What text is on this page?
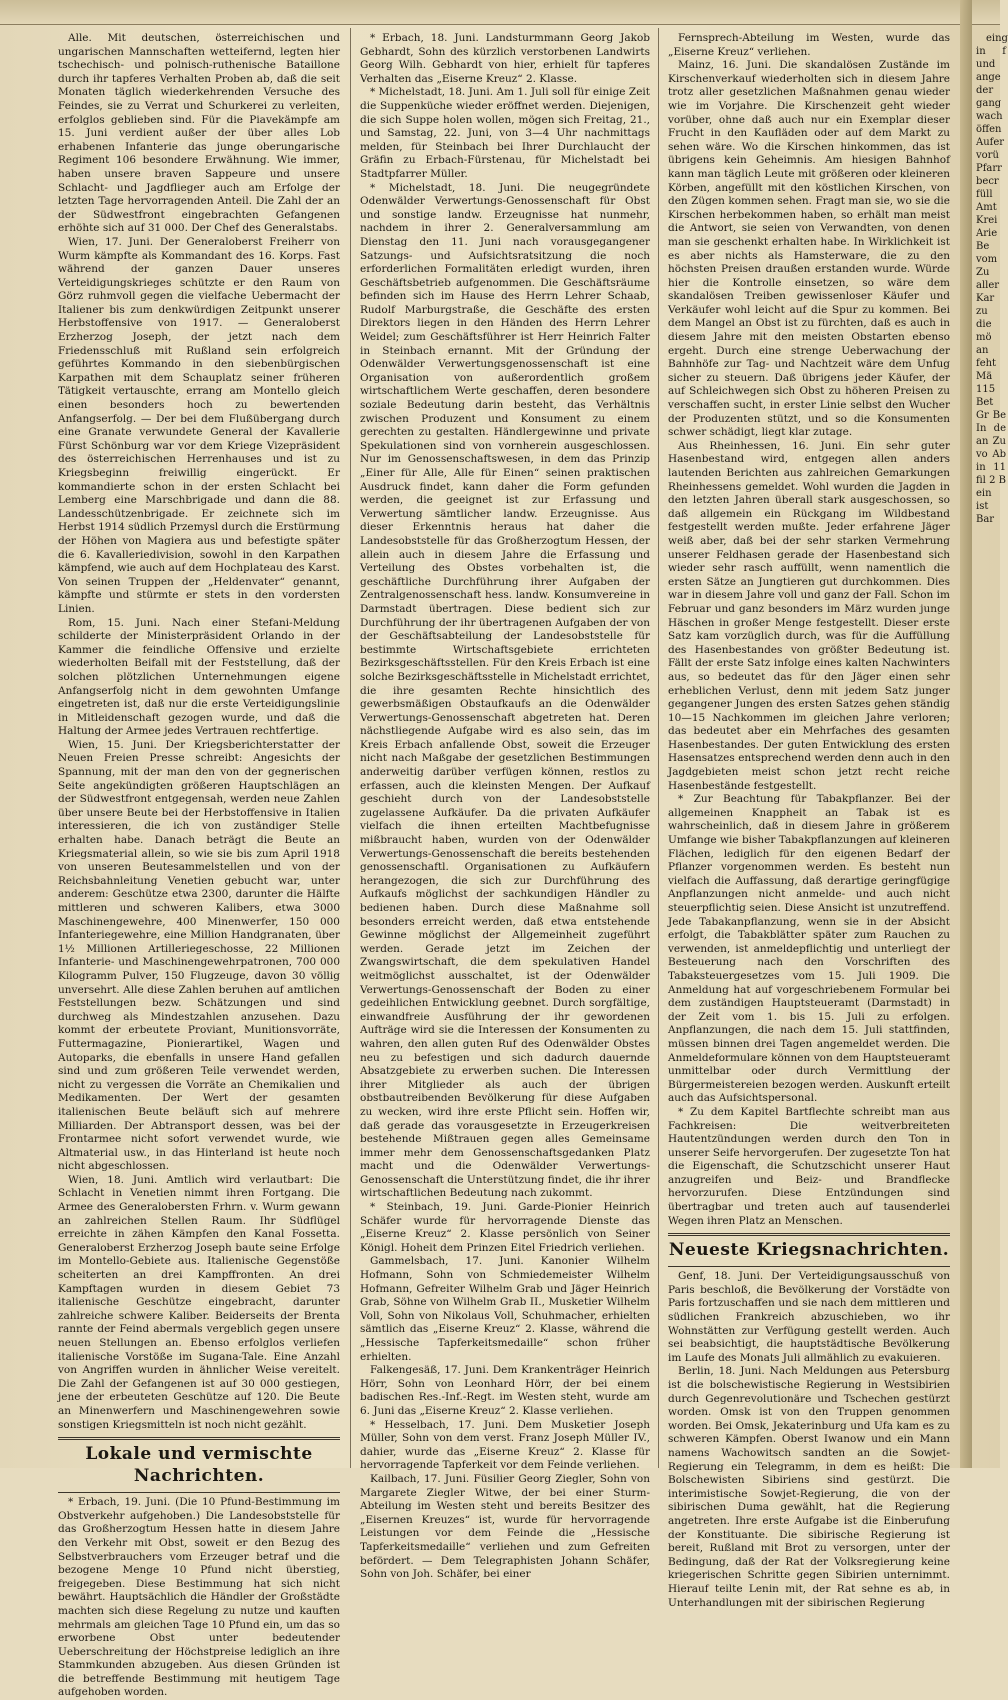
Alle. Mit deutschen, österreichischen und ungarischen Mannschaften wetteifernd, legten hier tschechisch- und polnisch-ruthenische Bataillone durch ihr tapferes Verhalten Proben ab, daß die seit Monaten täglich wiederkehrenden Versuche des Feindes, sie zu Verrat und Schurkerei zu verleiten, erfolglos geblieben sind. Für die Piavekämpfe am 15. Juni verdient außer der über alles Lob erhabenen Infanterie das junge oberungarische Regiment 106 besondere Erwähnung. Wie immer, haben unsere braven Sappeure und unsere Schlacht- und Jagdflieger auch am Erfolge der letzten Tage hervorragenden Anteil. Die Zahl der an der Südwestfront eingebrachten Gefangenen erhöhte sich auf 31 000. Der Chef des Generalstabs.

Wien, 17. Juni. Der Generaloberst Freiherr von Wurm kämpfte als Kommandant des 16. Korps. Fast während der ganzen Dauer unseres Verteidigungskrieges schützte er den Raum von Görz ruhmvoll gegen die vielfache Uebermacht der Italiener bis zum denkwürdigen Zeitpunkt unserer Herbstoffensive von 1917. — Generaloberst Erzherzog Joseph, der jetzt nach dem Friedensschluß mit Rußland sein erfolgreich geführtes Kommando in den siebenbürgischen Karpathen mit dem Schauplatz seiner früheren Tätigkeit vertauschte, errang am Montello gleich einen besonders hoch zu bewertenden Anfangserfolg. — Der bei dem Flußübergang durch eine Granate verwundete General der Kavallerie Fürst Schönburg war vor dem Kriege Vizepräsident des österreichischen Herrenhauses und ist zu Kriegsbeginn freiwillig eingerückt. Er kommandierte schon in der ersten Schlacht bei Lemberg eine Marschbrigade und dann die 88. Landesschützenbrigade. Er zeichnete sich im Herbst 1914 südlich Przemysl durch die Erstürmung der Höhen von Magiera aus und befestigte später die 6. Kavalleriedivision, sowohl in den Karpathen kämpfend, wie auch auf dem Hochplateau des Karst. Von seinen Truppen der „Heldenvater“ genannt, kämpfte und stürmte er stets in den vordersten Linien.

Rom, 15. Juni. Nach einer Stefani-Meldung schilderte der Ministerpräsident Orlando in der Kammer die feindliche Offensive und erzielte wiederholten Beifall mit der Feststellung, daß der solchen plötzlichen Unternehmungen eigene Anfangserfolg nicht in dem gewohnten Umfange eingetreten ist, daß nur die erste Verteidigungslinie in Mitleidenschaft gezogen wurde, und daß die Haltung der Armee jedes Vertrauen rechtfertige.

Wien, 15. Juni. Der Kriegsberichterstatter der Neuen Freien Presse schreibt: Angesichts der Spannung, mit der man den von der gegnerischen Seite angekündigten größeren Hauptschlägen an der Südwestfront entgegensah, werden neue Zahlen über unsere Beute bei der Herbstoffensive in Italien interessieren, die ich von zuständiger Stelle erhalten habe. Danach beträgt die Beute an Kriegsmaterial allein, so wie sie bis zum April 1918 von unseren Beutesammelstellen und von der Reichsbahnleitung Venetien gebucht war, unter anderem: Geschütze etwa 2300, darunter die Hälfte mittleren und schweren Kalibers, etwa 3000 Maschinengewehre, 400 Minenwerfer, 150 000 Infanteriegewehre, eine Million Handgranaten, über 1½ Millionen Artilleriegeschosse, 22 Millionen Infanterie- und Maschinengewehrpatronen, 700 000 Kilogramm Pulver, 150 Flugzeuge, davon 30 völlig unversehrt. Alle diese Zahlen beruhen auf amtlichen Feststellungen bezw. Schätzungen und sind durchweg als Mindestzahlen anzusehen. Dazu kommt der erbeutete Proviant, Munitionsvorräte, Futtermagazine, Pionierartikel, Wagen und Autoparks, die ebenfalls in unsere Hand gefallen sind und zum größeren Teile verwendet werden, nicht zu vergessen die Vorräte an Chemikalien und Medikamenten. Der Wert der gesamten italienischen Beute beläuft sich auf mehrere Milliarden. Der Abtransport dessen, was bei der Frontarmee nicht sofort verwendet wurde, wie Altmaterial usw., in das Hinterland ist heute noch nicht abgeschlossen.

Wien, 18. Juni. Amtlich wird verlautbart: Die Schlacht in Venetien nimmt ihren Fortgang. Die Armee des Generalobersten Frhrn. v. Wurm gewann an zahlreichen Stellen Raum. Ihr Südflügel erreichte in zähen Kämpfen den Kanal Fossetta. Generaloberst Erzherzog Joseph baute seine Erfolge im Montello-Gebiete aus. Italienische Gegenstöße scheiterten an drei Kampffronten. An drei Kampftagen wurden in diesem Gebiet 73 italienische Geschütze eingebracht, darunter zahlreiche schwere Kaliber. Beiderseits der Brenta rannte der Feind abermals vergeblich gegen unsere neuen Stellungen an. Ebenso erfolglos verliefen italienische Vorstöße im Sugana-Tale. Eine Anzahl von Angriffen wurden in ähnlicher Weise vereitelt. Die Zahl der Gefangenen ist auf 30 000 gestiegen, jene der erbeuteten Geschütze auf 120. Die Beute an Minenwerfern und Maschinengewehren sowie sonstigen Kriegsmitteln ist noch nicht gezählt.

Lokale und vermischte Nachrichten.

* Erbach, 19. Juni. (Die 10 Pfund-Bestimmung im Obstverkehr aufgehoben.) Die Landesobststelle für das Großherzogtum Hessen hatte in diesem Jahre den Verkehr mit Obst, soweit er den Bezug des Selbstverbrauchers vom Erzeuger betraf und die bezogene Menge 10 Pfund nicht überstieg, freigegeben. Diese Bestimmung hat sich nicht bewährt. Hauptsächlich die Händler der Großstädte machten sich diese Regelung zu nutze und kauften mehrmals am gleichen Tage 10 Pfund ein, um das so erworbene Obst unter bedeutender Ueberschreitung der Höchstpreise lediglich an ihre Stammkunden abzugeben. Aus diesen Gründen ist die betreffende Bestimmung mit heutigem Tage aufgehoben worden.

* Erbach, 18. Juni. Landsturmmann Georg Jakob Gebhardt, Sohn des kürzlich verstorbenen Landwirts Georg Wilh. Gebhardt von hier, erhielt für tapferes Verhalten das „Eiserne Kreuz“ 2. Klasse.

* Michelstadt, 18. Juni. Am 1. Juli soll für einige Zeit die Suppenküche wieder eröffnet werden. Diejenigen, die sich Suppe holen wollen, mögen sich Freitag, 21., und Samstag, 22. Juni, von 3—4 Uhr nachmittags melden, für Steinbach bei Ihrer Durchlaucht der Gräfin zu Erbach-Fürstenau, für Michelstadt bei Stadtpfarrer Müller.

* Michelstadt, 18. Juni. Die neugegründete Odenwälder Verwertungs-Genossenschaft für Obst und sonstige landw. Erzeugnisse hat nunmehr, nachdem in ihrer 2. Generalversammlung am Dienstag den 11. Juni nach vorausgegangener Satzungs- und Aufsichtsratsitzung die noch erforderlichen Formalitäten erledigt wurden, ihren Geschäftsbetrieb aufgenommen. Die Geschäftsräume befinden sich im Hause des Herrn Lehrer Schaab, Rudolf Marburgstraße, die Geschäfte des ersten Direktors liegen in den Händen des Herrn Lehrer Weidel; zum Geschäftsführer ist Herr Heinrich Falter in Steinbach ernannt. Mit der Gründung der Odenwälder Verwertungsgenossenschaft ist eine Organisation von außerordentlich großem wirtschaftlichem Werte geschaffen, deren besondere soziale Bedeutung darin besteht, das Verhältnis zwischen Produzent und Konsument zu einem gerechten zu gestalten. Händlergewinne und private Spekulationen sind von vornherein ausgeschlossen. Nur im Genossenschaftswesen, in dem das Prinzip „Einer für Alle, Alle für Einen“ seinen praktischen Ausdruck findet, kann daher die Form gefunden werden, die geeignet ist zur Erfassung und Verwertung sämtlicher landw. Erzeugnisse. Aus dieser Erkenntnis heraus hat daher die Landesobststelle für das Großherzogtum Hessen, der allein auch in diesem Jahre die Erfassung und Verteilung des Obstes vorbehalten ist, die geschäftliche Durchführung ihrer Aufgaben der Zentralgenossenschaft hess. landw. Konsumvereine in Darmstadt übertragen. Diese bedient sich zur Durchführung der ihr übertragenen Aufgaben der von der Geschäftsabteilung der Landesobststelle für bestimmte Wirtschaftsgebiete errichteten Bezirksgeschäftsstellen. Für den Kreis Erbach ist eine solche Bezirksgeschäftsstelle in Michelstadt errichtet, die ihre gesamten Rechte hinsichtlich des gewerbsmäßigen Obstaufkaufs an die Odenwälder Verwertungs-Genossenschaft abgetreten hat. Deren nächstliegende Aufgabe wird es also sein, das im Kreis Erbach anfallende Obst, soweit die Erzeuger nicht nach Maßgabe der gesetzlichen Bestimmungen anderweitig darüber verfügen können, restlos zu erfassen, auch die kleinsten Mengen. Der Aufkauf geschieht durch von der Landesobststelle zugelassene Aufkäufer. Da die privaten Aufkäufer vielfach die ihnen erteilten Machtbefugnisse mißbraucht haben, wurden von der Odenwälder Verwertungs-Genossenschaft die bereits bestehenden genossenschaftl. Organisationen zu Aufkäufern herangezogen, die sich zur Durchführung des Aufkaufs möglichst der sachkundigen Händler zu bedienen haben. Durch diese Maßnahme soll besonders erreicht werden, daß etwa entstehende Gewinne möglichst der Allgemeinheit zugeführt werden. Gerade jetzt im Zeichen der Zwangswirtschaft, die dem spekulativen Handel weitmöglichst ausschaltet, ist der Odenwälder Verwertungs-Genossenschaft der Boden zu einer gedeihlichen Entwicklung geebnet. Durch sorgfältige, einwandfreie Ausführung der ihr gewordenen Aufträge wird sie die Interessen der Konsumenten zu wahren, den allen guten Ruf des Odenwälder Obstes neu zu befestigen und sich dadurch dauernde Absatzgebiete zu erwerben suchen. Die Interessen ihrer Mitglieder als auch der übrigen obstbautreibenden Bevölkerung für diese Aufgaben zu wecken, wird ihre erste Pflicht sein. Hoffen wir, daß gerade das vorausgesetzte in Erzeugerkreisen bestehende Mißtrauen gegen alles Gemeinsame immer mehr dem Genossenschaftsgedanken Platz macht und die Odenwälder Verwertungs-Genossenschaft die Unterstützung findet, die ihr ihrer wirtschaftlichen Bedeutung nach zukommt.

* Steinbach, 19. Juni. Garde-Pionier Heinrich Schäfer wurde für hervorragende Dienste das „Eiserne Kreuz“ 2. Klasse persönlich von Seiner Königl. Hoheit dem Prinzen Eitel Friedrich verliehen.

Gammelsbach, 17. Juni. Kanonier Wilhelm Hofmann, Sohn von Schmiedemeister Wilhelm Hofmann, Gefreiter Wilhelm Grab und Jäger Heinrich Grab, Söhne von Wilhelm Grab II., Musketier Wilhelm Voll, Sohn von Nikolaus Voll, Schuhmacher, erhielten sämtlich das „Eiserne Kreuz“ 2. Klasse, während die „Hessische Tapferkeitsmedaille“ schon früher erhielten.

Falkengesäß, 17. Juni. Dem Krankenträger Heinrich Hörr, Sohn von Leonhard Hörr, der bei einem badischen Res.-Inf.-Regt. im Westen steht, wurde am 6. Juni das „Eiserne Kreuz“ 2. Klasse verliehen.

* Hesselbach, 17. Juni. Dem Musketier Joseph Müller, Sohn von dem verst. Franz Joseph Müller IV., dahier, wurde das „Eiserne Kreuz“ 2. Klasse für hervorragende Tapferkeit vor dem Feinde verliehen.

Kailbach, 17. Juni. Füsilier Georg Ziegler, Sohn von Margarete Ziegler Witwe, der bei einer Sturm-Abteilung im Westen steht und bereits Besitzer des „Eisernen Kreuzes“ ist, wurde für hervorragende Leistungen vor dem Feinde die „Hessische Tapferkeitsmedaille“ verliehen und zum Gefreiten befördert. — Dem Telegraphisten Johann Schäfer, Sohn von Joh. Schäfer, bei einer

Fernsprech-Abteilung im Westen, wurde das „Eiserne Kreuz“ verliehen.

Mainz, 16. Juni. Die skandalösen Zustände im Kirschenverkauf wiederholten sich in diesem Jahre trotz aller gesetzlichen Maßnahmen genau wieder wie im Vorjahre. Die Kirschenzeit geht wieder vorüber, ohne daß auch nur ein Exemplar dieser Frucht in den Kaufläden oder auf dem Markt zu sehen wäre. Wo die Kirschen hinkommen, das ist übrigens kein Geheimnis. Am hiesigen Bahnhof kann man täglich Leute mit größeren oder kleineren Körben, angefüllt mit den köstlichen Kirschen, von den Zügen kommen sehen. Fragt man sie, wo sie die Kirschen herbekommen haben, so erhält man meist die Antwort, sie seien von Verwandten, von denen man sie geschenkt erhalten habe. In Wirklichkeit ist es aber nichts als Hamsterware, die zu den höchsten Preisen draußen erstanden wurde. Würde hier die Kontrolle einsetzen, so wäre dem skandalösen Treiben gewissenloser Käufer und Verkäufer wohl leicht auf die Spur zu kommen. Bei dem Mangel an Obst ist zu fürchten, daß es auch in diesem Jahre mit den meisten Obstarten ebenso ergeht. Durch eine strenge Ueberwachung der Bahnhöfe zur Tag- und Nachtzeit wäre dem Unfug sicher zu steuern. Daß übrigens jeder Käufer, der auf Schleichwegen sich Obst zu höheren Preisen zu verschaffen sucht, in erster Linie selbst den Wucher der Produzenten stützt, und so die Konsumenten schwer schädigt, liegt klar zutage.

Aus Rheinhessen, 16. Juni. Ein sehr guter Hasenbestand wird, entgegen allen anders lautenden Berichten aus zahlreichen Gemarkungen Rheinhessens gemeldet. Wohl wurden die Jagden in den letzten Jahren überall stark ausgeschossen, so daß allgemein ein Rückgang im Wildbestand festgestellt werden mußte. Jeder erfahrene Jäger weiß aber, daß bei der sehr starken Vermehrung unserer Feldhasen gerade der Hasenbestand sich wieder sehr rasch auffüllt, wenn namentlich die ersten Sätze an Jungtieren gut durchkommen. Dies war in diesem Jahre voll und ganz der Fall. Schon im Februar und ganz besonders im März wurden junge Häschen in großer Menge festgestellt. Dieser erste Satz kam vorzüglich durch, was für die Auffüllung des Hasenbestandes von größter Bedeutung ist. Fällt der erste Satz infolge eines kalten Nachwinters aus, so bedeutet das für den Jäger einen sehr erheblichen Verlust, denn mit jedem Satz junger gegangener Jungen des ersten Satzes gehen ständig 10—15 Nachkommen im gleichen Jahre verloren; das bedeutet aber ein Mehrfaches des gesamten Hasenbestandes. Der guten Entwicklung des ersten Hasensatzes entsprechend werden denn auch in den Jagdgebieten meist schon jetzt recht reiche Hasenbestände festgestellt.

* Zur Beachtung für Tabakpflanzer. Bei der allgemeinen Knappheit an Tabak ist es wahrscheinlich, daß in diesem Jahre in größerem Umfange wie bisher Tabakpflanzungen auf kleineren Flächen, lediglich für den eigenen Bedarf der Pflanzer vorgenommen werden. Es besteht nun vielfach die Auffassung, daß derartige geringfügige Anpflanzungen nicht anmelde- und auch nicht steuerpflichtig seien. Diese Ansicht ist unzutreffend. Jede Tabakanpflanzung, wenn sie in der Absicht erfolgt, die Tabakblätter später zum Rauchen zu verwenden, ist anmeldepflichtig und unterliegt der Besteuerung nach den Vorschriften des Tabaksteuergesetzes vom 15. Juli 1909. Die Anmeldung hat auf vorgeschriebenem Formular bei dem zuständigen Hauptsteueramt (Darmstadt) in der Zeit vom 1. bis 15. Juli zu erfolgen. Anpflanzungen, die nach dem 15. Juli stattfinden, müssen binnen drei Tagen angemeldet werden. Die Anmeldeformulare können von dem Hauptsteueramt unmittelbar oder durch Vermittlung der Bürgermeistereien bezogen werden. Auskunft erteilt auch das Aufsichtspersonal.

* Zu dem Kapitel Bartflechte schreibt man aus Fachkreisen: Die weitverbreiteten Hautentzündungen werden durch den Ton in unserer Seife hervorgerufen. Der zugesetzte Ton hat die Eigenschaft, die Schutzschicht unserer Haut anzugreifen und Beiz- und Brandflecke hervorzurufen. Diese Entzündungen sind übertragbar und treten auch auf tausenderlei Wegen ihren Platz an Menschen.

Neueste Kriegsnachrichten.

Genf, 18. Juni. Der Verteidigungsausschuß von Paris beschloß, die Bevölkerung der Vorstädte von Paris fortzuschaffen und sie nach dem mittleren und südlichen Frankreich abzuschieben, wo ihr Wohnstätten zur Verfügung gestellt werden. Auch sei beabsichtigt, die hauptstädtische Bevölkerung im Laufe des Monats Juli allmählich zu evakuieren.

Berlin, 18. Juni. Nach Meldungen aus Petersburg ist die bolschewistische Regierung in Westsibirien durch Gegenrevolutionäre und Tschechen gestürzt worden. Omsk ist von den Truppen genommen worden. Bei Omsk, Jekaterinburg und Ufa kam es zu schweren Kämpfen. Oberst Iwanow und ein Mann namens Wachowitsch sandten an die Sowjet-Regierung ein Telegramm, in dem es heißt: Die Bolschewisten Sibiriens sind gestürzt. Die interimistische Sowjet-Regierung, die von der sibirischen Duma gewählt, hat die Regierung angetreten. Ihre erste Aufgabe ist die Einberufung der Konstituante. Die sibirische Regierung ist bereit, Rußland mit Brot zu versorgen, unter der Bedingung, daß der Rat der Volksregierung keine kriegerischen Schritte gegen Sibirien unternimmt. Hierauf teilte Lenin mit, der Rat sehne es ab, in Unterhandlungen mit der sibirischen Regierung

eing in f und ange der gang wach öffen Aufer vorü Pfarr becr füll Amt Krei Arie Be vom Zu aller Kar zu die mö an feht Mä 115 Bet Gr Be In de an Zu vo Ab in 11 fil 2 B ein ist Bar
